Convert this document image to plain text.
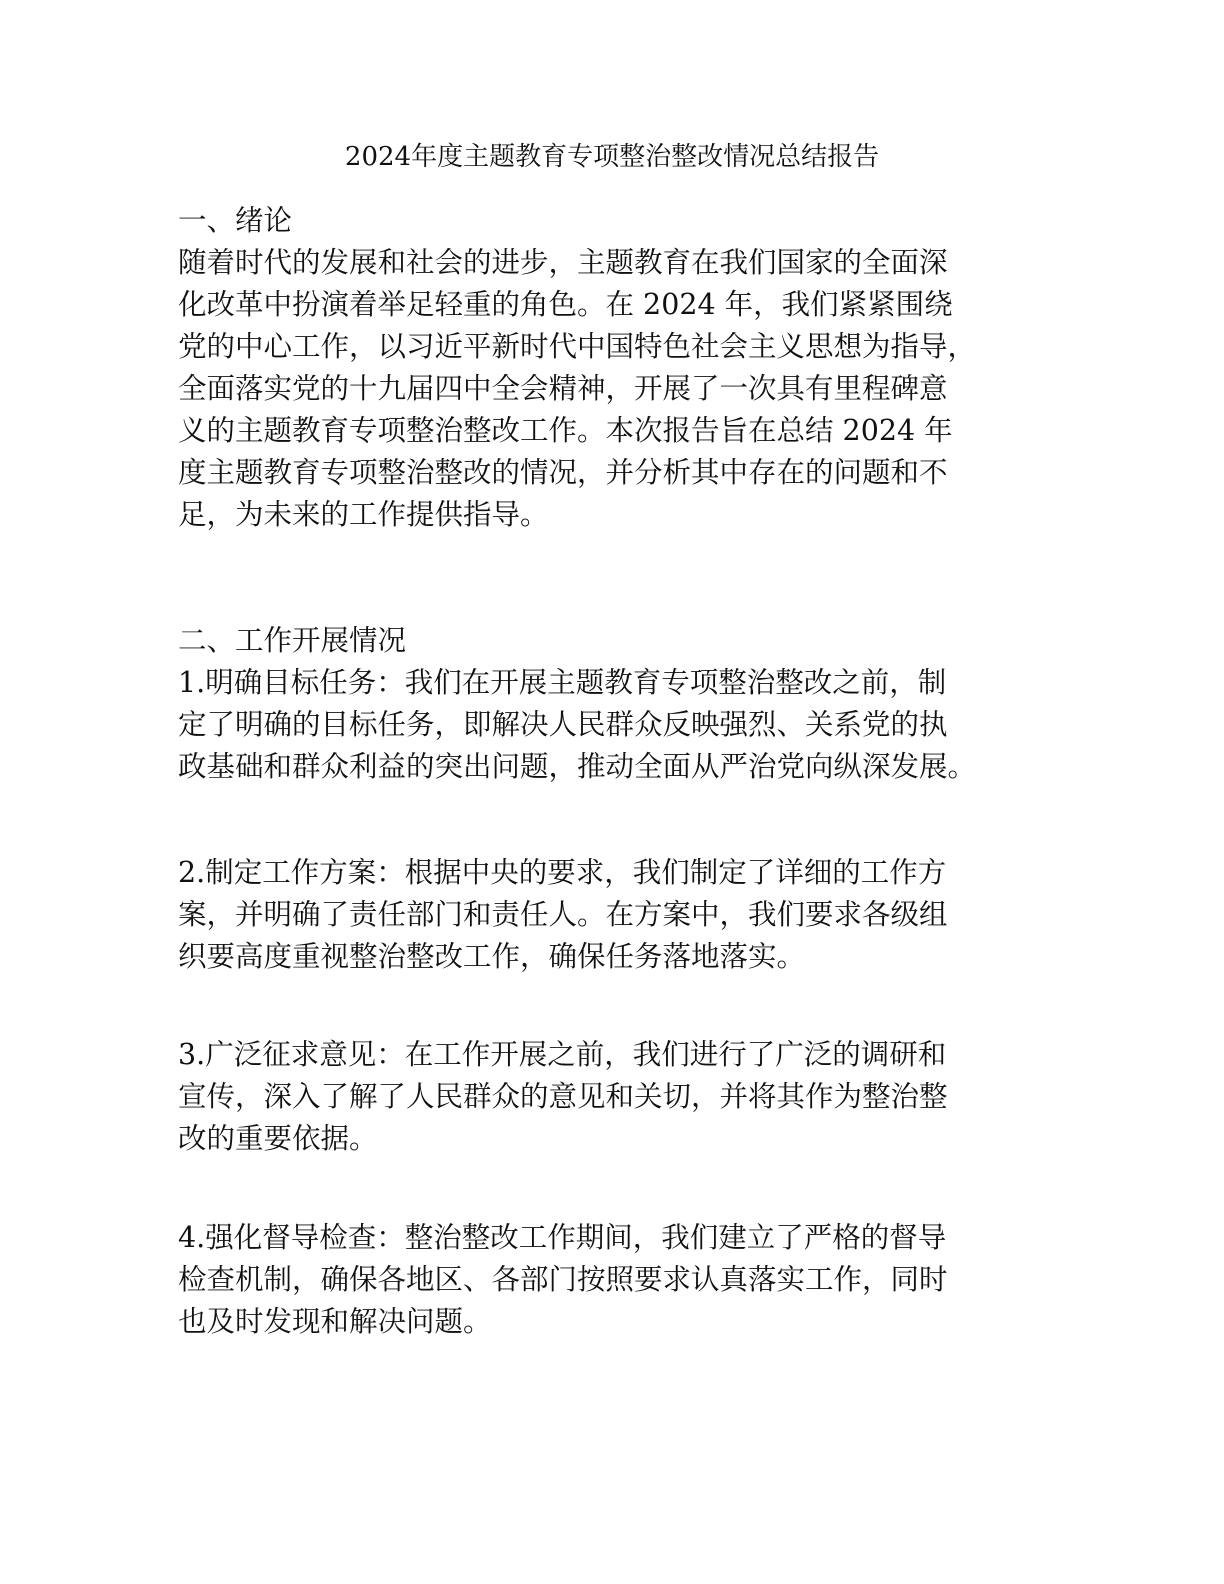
2024年度主题教育专项整治整改情况总结报告
一、绪论
随着时代的发展和社会的进步，主题教育在我们国家的全面深
化改革中扮演着举足轻重的角色。在 2024 年，我们紧紧围绕
党的中心工作，以习近平新时代中国特色社会主义思想为指导，
全面落实党的十九届四中全会精神，开展了一次具有里程碑意
义的主题教育专项整治整改工作。本次报告旨在总结 2024 年
度主题教育专项整治整改的情况，并分析其中存在的问题和不
足，为未来的工作提供指导。
二、工作开展情况
1.明确目标任务：我们在开展主题教育专项整治整改之前，制
定了明确的目标任务，即解决人民群众反映强烈、关系党的执
政基础和群众利益的突出问题，推动全面从严治党向纵深发展。
2.制定工作方案：根据中央的要求，我们制定了详细的工作方
案，并明确了责任部门和责任人。在方案中，我们要求各级组
织要高度重视整治整改工作，确保任务落地落实。
3.广泛征求意见：在工作开展之前，我们进行了广泛的调研和
宣传，深入了解了人民群众的意见和关切，并将其作为整治整
改的重要依据。
4.强化督导检查：整治整改工作期间，我们建立了严格的督导
检查机制，确保各地区、各部门按照要求认真落实工作，同时
也及时发现和解决问题。
